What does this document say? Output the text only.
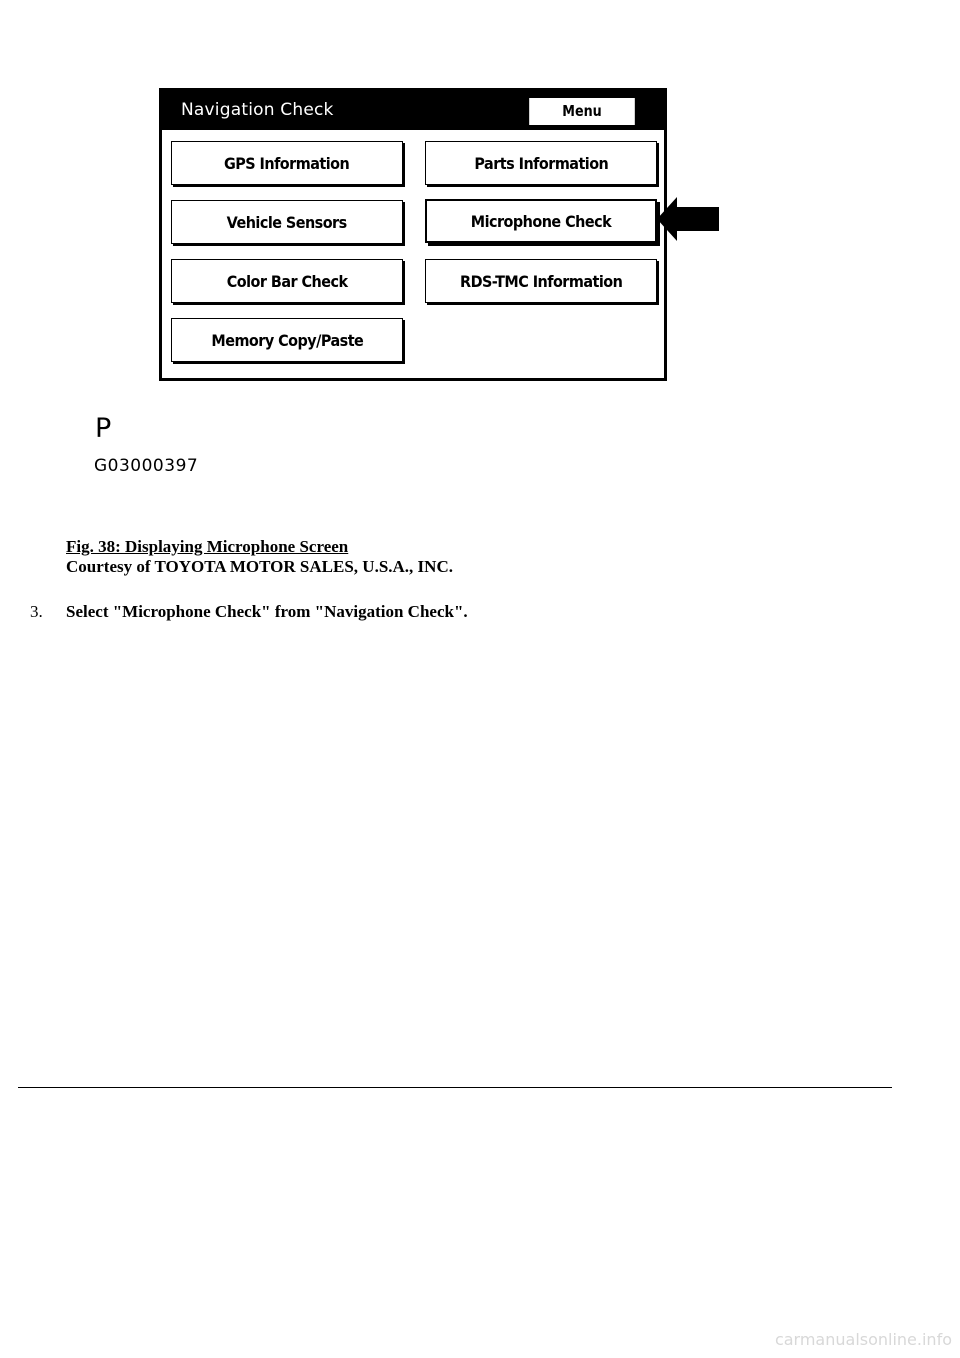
Navigation Check	Menu
GPS Information	Parts Information
Vehicle Sensors	Microphone Check
Color Bar Check	RDS-TMC Information
Memory Copy/Paste
P
G03000397
Fig. 38: Displaying Microphone Screen
Courtesy of TOYOTA MOTOR SALES, U.S.A., INC.
3. Select "Microphone Check" from "Navigation Check".
carmanualsonline.info
